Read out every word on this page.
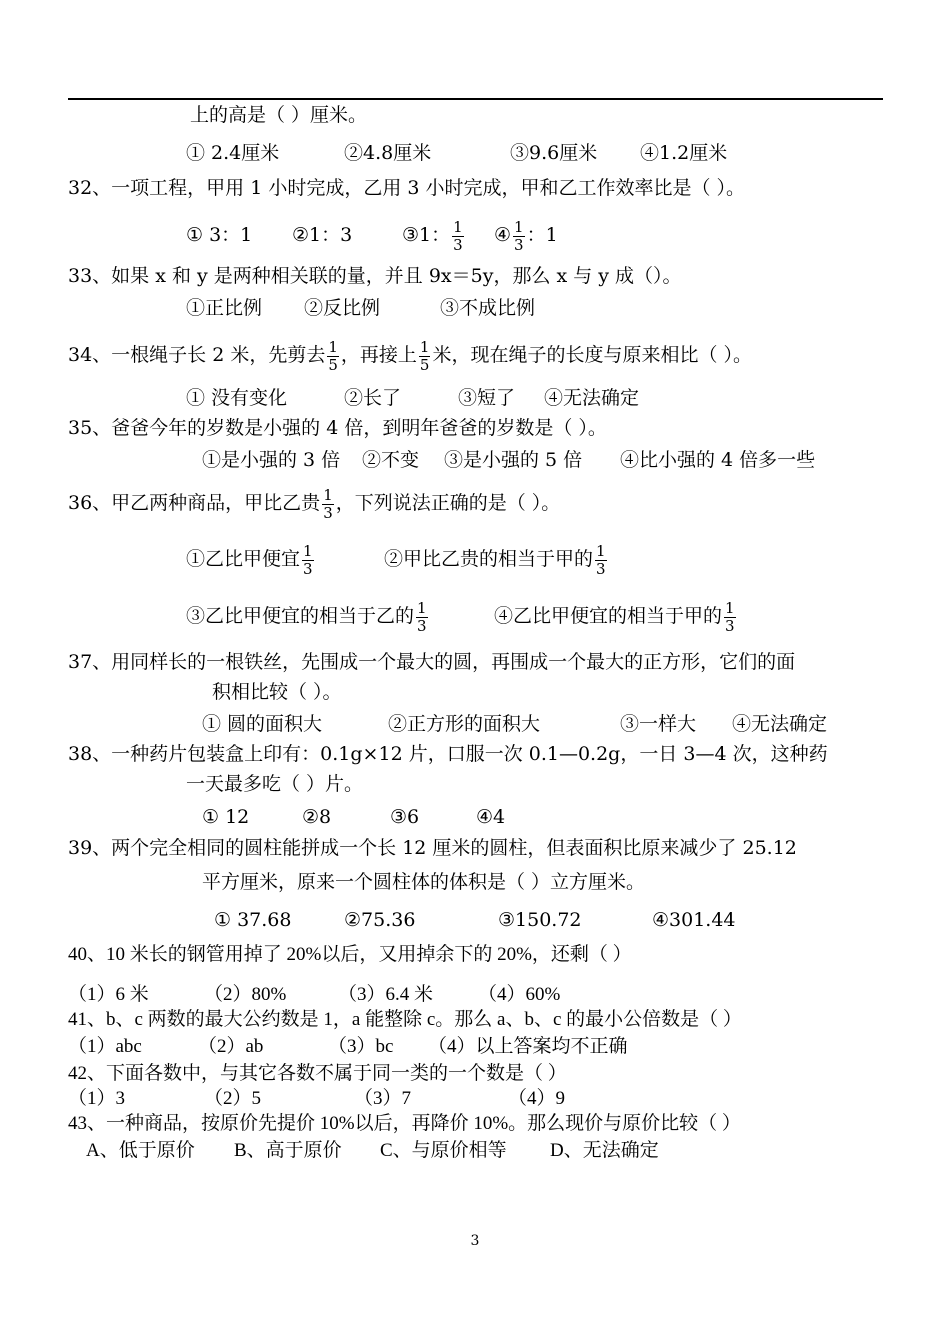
上的高是（ ）厘米。
① 2.4厘米	②4.8厘米	③9.6厘米 ④1.2厘米
32、一项工程，甲用 1 小时完成，乙用 3 小时完成，甲和乙工作效率比是（ ）。
① 3：1 ②1：3	③1： $\frac{1}{3}$ ④ $\frac{1}{3}$ ：1
33、如果 x 和 y 是两种相关联的量，并且 9x＝5y，那么 x 与 y 成（）。
①正比例 ②反比例	③不成比例
34、一根绳子长 2 米，先剪去 $\frac{1}{5}$ ，再接上 $\frac{1}{5}$ 米，现在绳子的长度与原来相比（ ）。
① 没有变化	②长了	③短了 ④无法确定
35、爸爸今年的岁数是小强的 4 倍，到明年爸爸的岁数是（ ）。
①是小强的 3 倍 ②不变 ③是小强的 5 倍 ④比小强的 4 倍多一些
36、甲乙两种商品，甲比乙贵 $\frac{1}{3}$ ，下列说法正确的是（ ）。
①乙比甲便宜 $\frac{1}{3}$	②甲比乙贵的相当于甲的 $\frac{1}{3}$
③乙比甲便宜的相当于乙的 $\frac{1}{3}$	④乙比甲便宜的相当于甲的 $\frac{1}{3}$
37、用同样长的一根铁丝，先围成一个最大的圆，再围成一个最大的正方形，它们的面
积相比较（ ）。
① 圆的面积大	②正方形的面积大	③一样大 ④无法确定
38、一种药片包装盒上印有：0.1g×12 片，口服一次 0.1—0.2g，一日 3—4 次，这种药
一天最多吃（ ）片。
① 12	②8	③6	④4
39、两个完全相同的圆柱能拼成一个长 12 厘米的圆柱，但表面积比原来减少了 25.12
平方厘米，原来一个圆柱体的体积是（ ）立方厘米。
① 37.68	②75.36	③150.72	④301.44
40、10 米长的钢管用掉了 20%以后，又用掉余下的 20%，还剩（ ）
（1）6 米	（2）80%	（3）6.4 米 （4）60%
41、b、c 两数的最大公约数是 1，a 能整除 c。那么 a、b、c 的最小公倍数是（ ）
（1）abc	（2）ab	（3）bc （4）以上答案均不正确
42、下面各数中，与其它各数不属于同一类的一个数是（ ）
（1）3	（2）5	（3）7	（4）9
43、一种商品，按原价先提价 10%以后，再降价 10%。那么现价与原价比较（ ）
A、低于原价 B、高于原价 C、与原价相等 D、无法确定
3
